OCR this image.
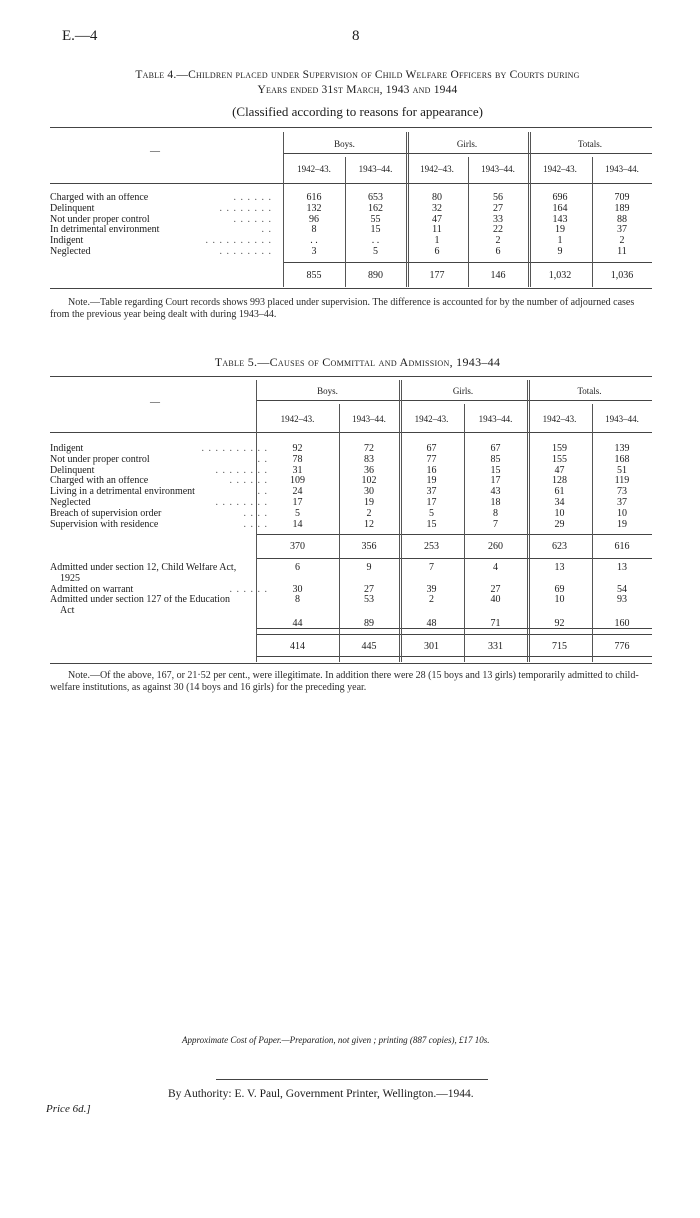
E.—4	8
Table 4.—Children placed under Supervision of Child Welfare Officers by Courts during
Years ended 31st March, 1943 and 1944
(Classified according to reasons for appearance)
—
Boys.	Girls.	Totals.
1942–43.	1943–44.	1942–43.	1943–44.	1942–43.	1943–44.
Charged with an offence	. . . . . .	616	653	80	56	696	709
Delinquent	. . . . . . . .	132	162	32	27	164	189
Not under proper control	. . . . . .	96	55	47	33	143	88
In detrimental environment	. .	8	15	11	22	19	37
Indigent	. . . . . . . . . .	. .	. .	1	2	1	2
Neglected	. . . . . . . .	3	5	6	6	9	11
855	890	177	146	1,032	1,036
Note.—Table regarding Court records shows 993 placed under supervision. The difference is accounted for by the number of adjourned cases from the previous year being dealt with during 1943–44.
Table 5.—Causes of Committal and Admission, 1943–44
—
Boys.	Girls.	Totals.
1942–43.	1943–44.	1942–43.	1943–44.	1942–43.	1943–44.
Indigent	. . . . . . . . . .	92	72	67	67	159	139
Not under proper control	. .	78	83	77	85	155	168
Delinquent	. . . . . . . .	31	36	16	15	47	51
Charged with an offence	. . . . . .	109	102	19	17	128	119
Living in a detrimental environment	. .	24	30	37	43	61	73
Neglected	. . . . . . . .	17	19	17	18	34	37
Breach of supervision order	. . . .	5	2	5	8	10	10
Supervision with residence	. . . .	14	12	15	7	29	19
370	356	253	260	623	616
Admitted under section 12, Child Welfare Act,
1925
6	9	7	4	13	13
Admitted on warrant	. . . . . .	30	27	39	27	69	54
Admitted under section 127 of the Education
Act
8	53	2	40	10	93
44	89	48	71	92	160
414	445	301	331	715	776
Note.—Of the above, 167, or 21·52 per cent., were illegitimate. In addition there were 28 (15 boys and 13 girls) temporarily admitted to child-welfare institutions, as against 30 (14 boys and 16 girls) for the preceding year.
Approximate Cost of Paper.—Preparation, not given ; printing (887 copies), £17 10s.
By Authority: E. V. Paul, Government Printer, Wellington.—1944.
Price 6d.]
